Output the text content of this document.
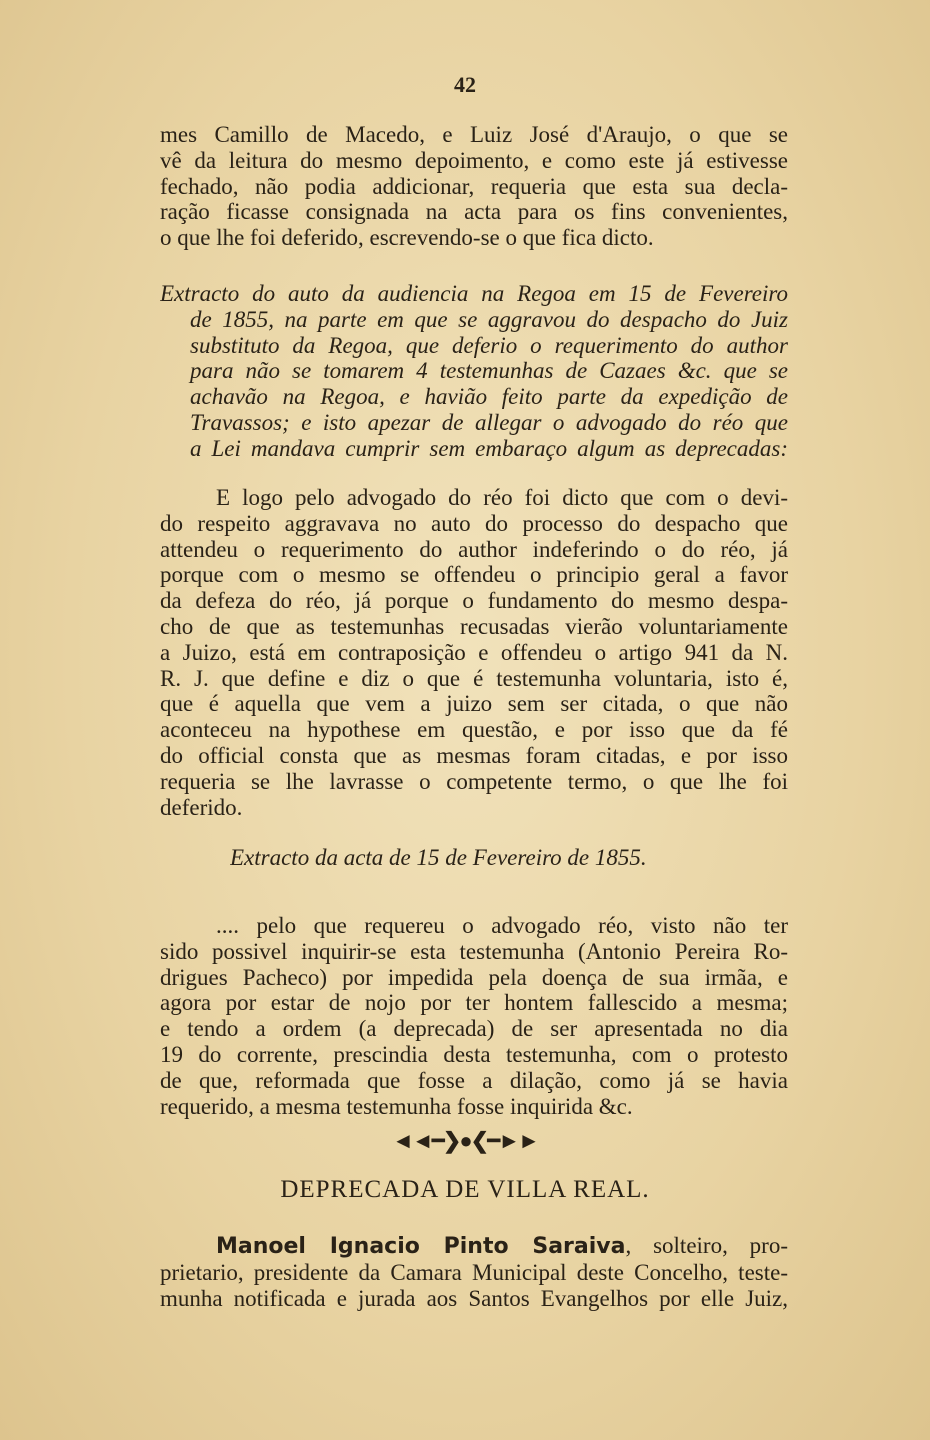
42
mes Camillo de Macedo, e Luiz José d'Araujo, o que se
vê da leitura do mesmo depoimento, e como este já estivesse
fechado, não podia addicionar, requeria que esta sua decla-
ração ficasse consignada na acta para os fins convenientes,
o que lhe foi deferido, escrevendo-se o que fica dicto.
Extracto do auto da audiencia na Regoa em 15 de Fevereiro
de 1855, na parte em que se aggravou do despacho do Juiz
substituto da Regoa, que deferio o requerimento do author
para não se tomarem 4 testemunhas de Cazaes &c. que se
achavão na Regoa, e havião feito parte da expedição de
Travassos; e isto apezar de allegar o advogado do réo que
a Lei mandava cumprir sem embaraço algum as deprecadas:
E logo pelo advogado do réo foi dicto que com o devi-
do respeito aggravava no auto do processo do despacho que
attendeu o requerimento do author indeferindo o do réo, já
porque com o mesmo se offendeu o principio geral a favor
da defeza do réo, já porque o fundamento do mesmo despa-
cho de que as testemunhas recusadas vierão voluntariamente
a Juizo, está em contraposição e offendeu o artigo 941 da N.
R. J. que define e diz o que é testemunha voluntaria, isto é,
que é aquella que vem a juizo sem ser citada, o que não
aconteceu na hypothese em questão, e por isso que da fé
do official consta que as mesmas foram citadas, e por isso
requeria se lhe lavrasse o competente termo, o que lhe foi
deferido.
Extracto da acta de 15 de Fevereiro de 1855.
.... pelo que requereu o advogado réo, visto não ter
sido possivel inquirir-se esta testemunha (Antonio Pereira Ro-
drigues Pacheco) por impedida pela doença de sua irmãa, e
agora por estar de nojo por ter hontem fallescido a mesma;
e tendo a ordem (a deprecada) de ser apresentada no dia
19 do corrente, prescindia desta testemunha, com o protesto
de que, reformada que fosse a dilação, como já se havia
requerido, a mesma testemunha fosse inquirida &c.
◄◄━❯●❮━►►
DEPRECADA DE VILLA REAL.
Manoel Ignacio Pinto Saraiva, solteiro, pro-
prietario, presidente da Camara Municipal deste Concelho, teste-
munha notificada e jurada aos Santos Evangelhos por elle Juiz,
